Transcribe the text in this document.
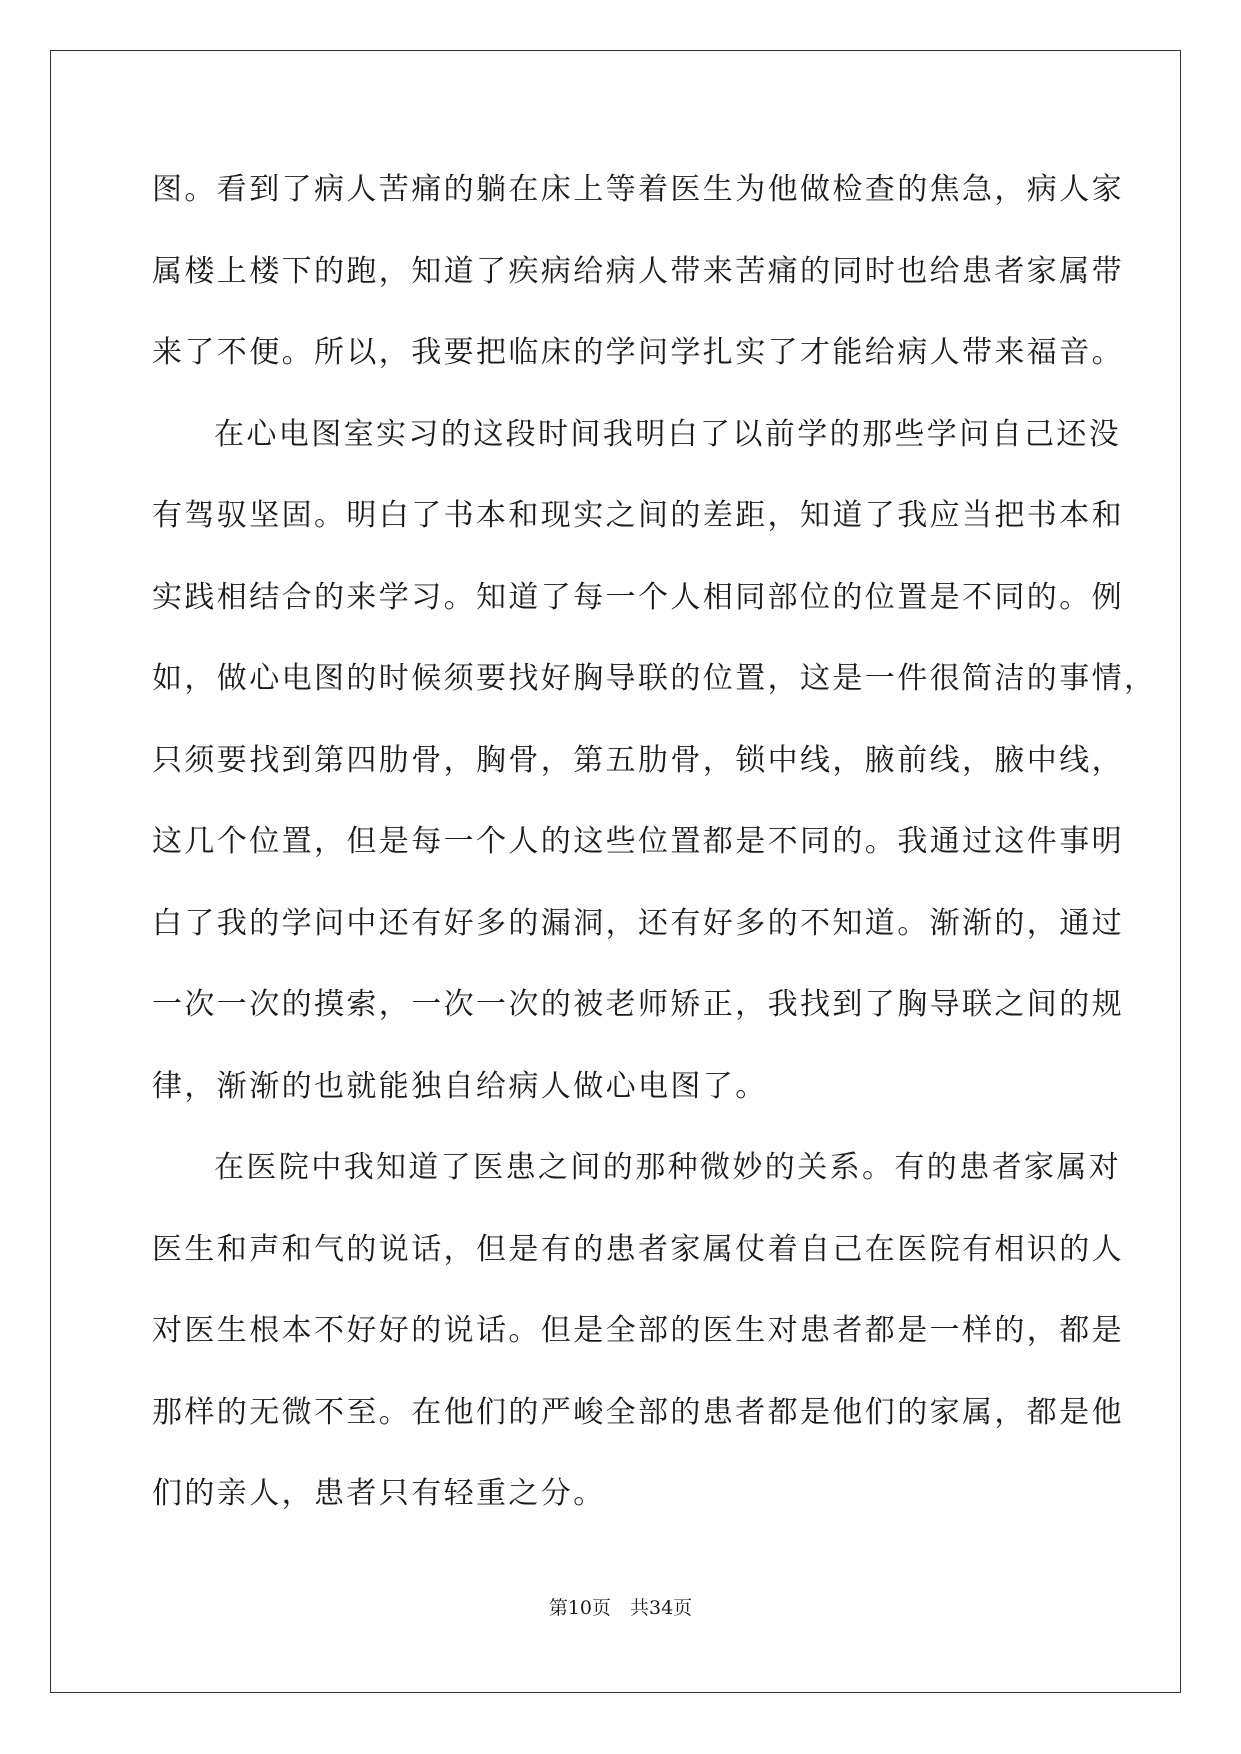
图。看到了病人苦痛的躺在床上等着医生为他做检查的焦急，病人家
属楼上楼下的跑，知道了疾病给病人带来苦痛的同时也给患者家属带
来了不便。所以，我要把临床的学问学扎实了才能给病人带来福音。
在心电图室实习的这段时间我明白了以前学的那些学问自己还没
有驾驭坚固。明白了书本和现实之间的差距，知道了我应当把书本和
实践相结合的来学习。知道了每一个人相同部位的位置是不同的。例
如，做心电图的时候须要找好胸导联的位置，这是一件很简洁的事情，
只须要找到第四肋骨，胸骨，第五肋骨，锁中线，腋前线，腋中线，
这几个位置，但是每一个人的这些位置都是不同的。我通过这件事明
白了我的学问中还有好多的漏洞，还有好多的不知道。渐渐的，通过
一次一次的摸索，一次一次的被老师矫正，我找到了胸导联之间的规
律，渐渐的也就能独自给病人做心电图了。
在医院中我知道了医患之间的那种微妙的关系。有的患者家属对
医生和声和气的说话，但是有的患者家属仗着自己在医院有相识的人
对医生根本不好好的说话。但是全部的医生对患者都是一样的，都是
那样的无微不至。在他们的严峻全部的患者都是他们的家属，都是他
们的亲人，患者只有轻重之分。
第10页　共34页
